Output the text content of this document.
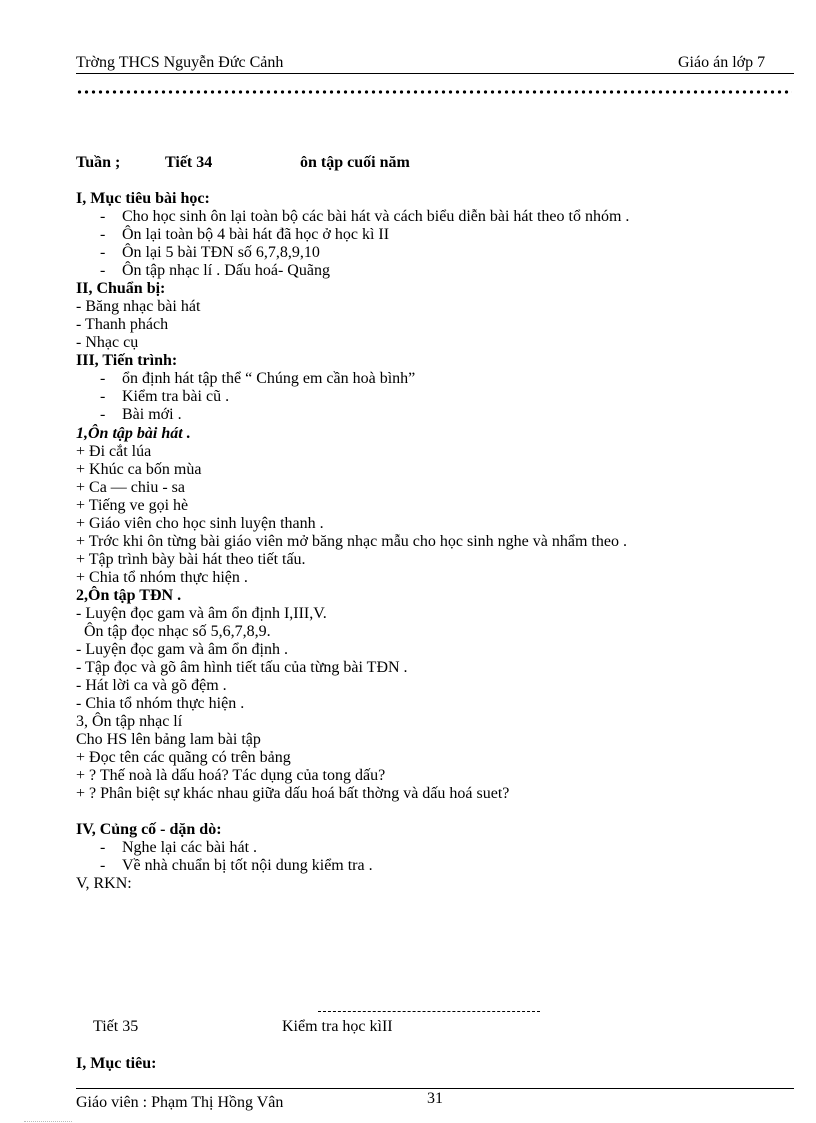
Trờng THCS Nguyễn Đức Cảnh	Giáo án lớp 7
Tuần ;	Tiết 34	ôn tập cuối năm
I, Mục tiêu bài học:
- Cho học sinh ôn lại toàn bộ các bài hát và cách biểu diễn bài hát theo tổ nhóm .
- Ôn lại toàn bộ 4 bài hát đã học ở học kì II
- Ôn lại 5 bài TĐN số 6,7,8,9,10
- Ôn tập nhạc lí . Dấu hoá- Quãng
II, Chuẩn bị:
- Băng nhạc bài hát
- Thanh phách
- Nhạc cụ
III, Tiến trình:
- ổn định hát tập thể “ Chúng em cần hoà bình”
- Kiểm tra bài cũ .
- Bài mới .
1,Ôn tập bài hát .
+ Đi cắt lúa
+ Khúc ca bốn mùa
+ Ca — chiu - sa
+ Tiếng ve gọi hè
+ Giáo viên cho học sinh luyện thanh .
+ Trớc khi ôn từng bài giáo viên mở băng nhạc mẫu cho học sinh nghe và nhẩm theo .
+ Tập trình bày bài hát theo tiết tấu.
+ Chia tổ nhóm thực hiện .
2,Ôn tập TĐN .
- Luyện đọc gam và âm ổn định I,III,V.
Ôn tập đọc nhạc số 5,6,7,8,9.
- Luyện đọc gam và âm ổn định .
- Tập đọc và gõ âm hình tiết tấu của từng bài TĐN .
- Hát lời ca và gõ đệm .
- Chia tổ nhóm thực hiện .
3, Ôn tập nhạc lí
Cho HS lên bảng lam bài tập
+ Đọc tên các quãng có trên bảng
+ ? Thế noà là dấu hoá? Tác dụng của tong dấu?
+ ? Phân biệt sự khác nhau giữa dấu hoá bất thờng và dấu hoá suet?
IV, Củng cố - dặn dò:
- Nghe lại các bài hát .
- Về nhà chuẩn bị tốt nội dung kiểm tra .
V, RKN:
Tiết 35	Kiểm tra học kìII
I, Mục tiêu:
Giáo viên : Phạm Thị Hồng Vân	31
